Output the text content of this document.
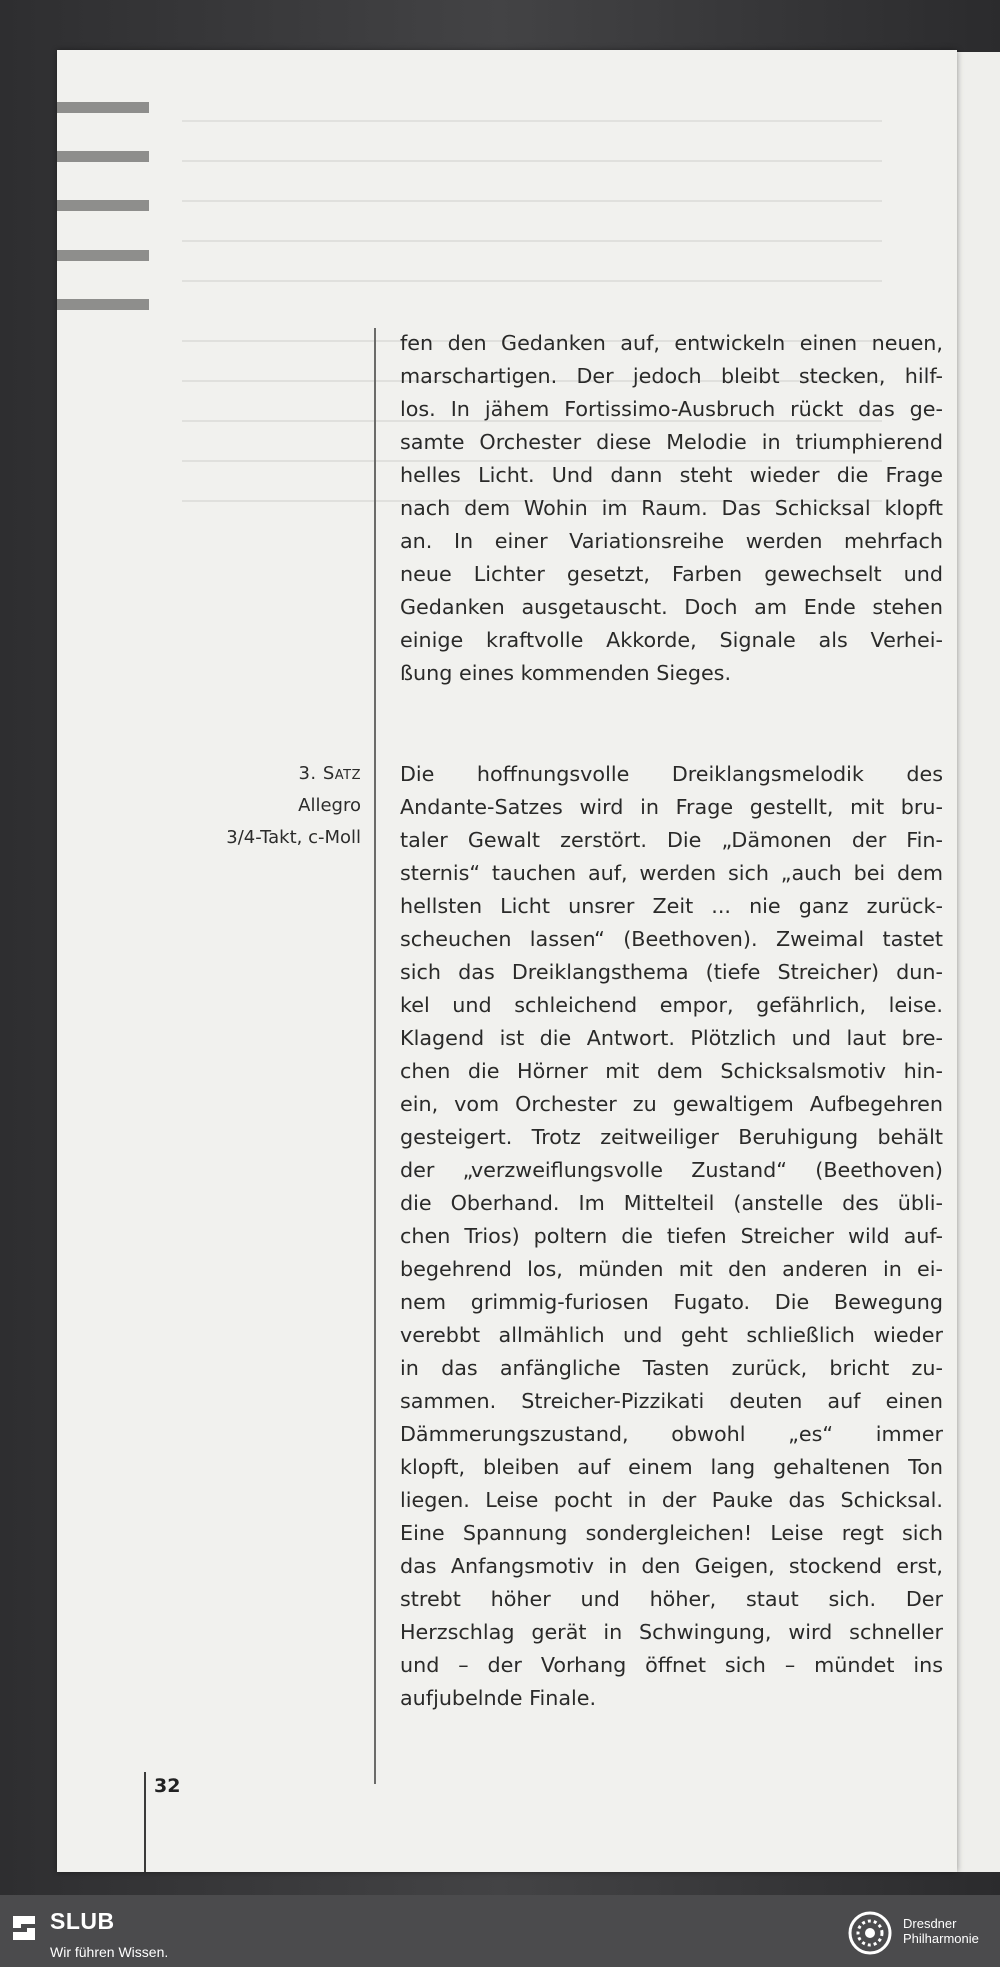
3. Satz
Allegro
3/4-Takt, c-Moll
fen den Gedanken auf, entwickeln einen neuen,
marschartigen. Der jedoch bleibt stecken, hilf-
los. In jähem Fortissimo-Ausbruch rückt das ge-
samte Orchester diese Melodie in triumphierend
helles Licht. Und dann steht wieder die Frage
nach dem Wohin im Raum. Das Schicksal klopft
an. In einer Variationsreihe werden mehrfach
neue Lichter gesetzt, Farben gewechselt und
Gedanken ausgetauscht. Doch am Ende stehen
einige kraftvolle Akkorde, Signale als Verhei-
ßung eines kommenden Sieges.
Die hoffnungsvolle Dreiklangsmelodik des
Andante-Satzes wird in Frage gestellt, mit bru-
taler Gewalt zerstört. Die „Dämonen der Fin-
sternis“ tauchen auf, werden sich „auch bei dem
hellsten Licht unsrer Zeit ... nie ganz zurück-
scheuchen lassen“ (Beethoven). Zweimal tastet
sich das Dreiklangsthema (tiefe Streicher) dun-
kel und schleichend empor, gefährlich, leise.
Klagend ist die Antwort. Plötzlich und laut bre-
chen die Hörner mit dem Schicksalsmotiv hin-
ein, vom Orchester zu gewaltigem Aufbegehren
gesteigert. Trotz zeitweiliger Beruhigung behält
der „verzweiflungsvolle Zustand“ (Beethoven)
die Oberhand. Im Mittelteil (anstelle des übli-
chen Trios) poltern die tiefen Streicher wild auf-
begehrend los, münden mit den anderen in ei-
nem grimmig-furiosen Fugato. Die Bewegung
verebbt allmählich und geht schließlich wieder
in das anfängliche Tasten zurück, bricht zu-
sammen. Streicher-Pizzikati deuten auf einen
Dämmerungszustand, obwohl „es“ immer
klopft, bleiben auf einem lang gehaltenen Ton
liegen. Leise pocht in der Pauke das Schicksal.
Eine Spannung sondergleichen! Leise regt sich
das Anfangsmotiv in den Geigen, stockend erst,
strebt höher und höher, staut sich. Der
Herzschlag gerät in Schwingung, wird schneller
und – der Vorhang öffnet sich – mündet ins
aufjubelnde Finale.
32
SLUB
Wir führen Wissen.
Dresdner
Philharmonie
